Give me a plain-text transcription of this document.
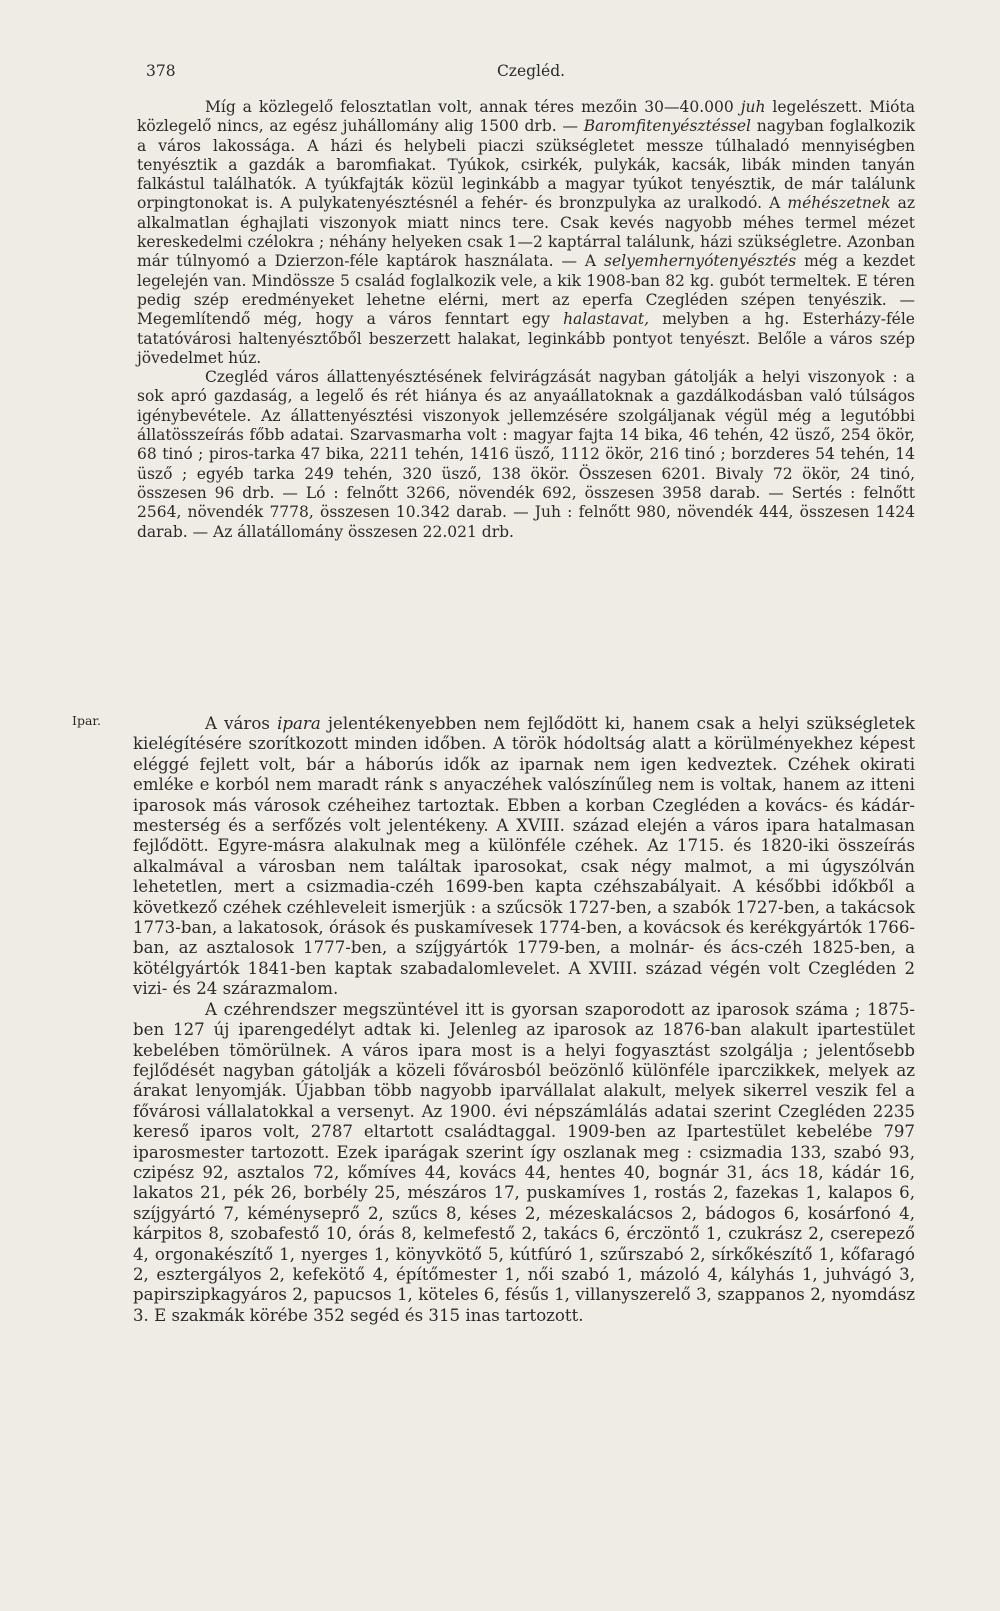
378	Czegléd.
Ipar.

Míg a közlegelő felosztatlan volt, annak téres mezőin 30—40.000 juh legelészett. Mióta közlegelő nincs, az egész juhállomány alig 1500 drb. — Baromfitenyésztéssel nagyban foglalkozik a város lakossága. A házi és helybeli piaczi szükségletet messze túlhaladó mennyiségben tenyésztik a gazdák a baromfiakat. Tyúkok, csirkék, pulykák, kacsák, libák minden tanyán falkástul találhatók. A tyúkfajták közül leginkább a magyar tyúkot tenyésztik, de már találunk orpingtonokat is. A pulykatenyésztésnél a fehér- és bronzpulyka az uralkodó. A méhészetnek az alkalmatlan éghajlati viszonyok miatt nincs tere. Csak kevés nagyobb méhes termel mézet kereskedelmi czélokra ; néhány helyeken csak 1—2 kaptárral találunk, házi szükségletre. Azonban már túlnyomó a Dzierzon-féle kaptárok használata. — A selyemhernyótenyésztés még a kezdet legelején van. Mindössze 5 család foglalkozik vele, a kik 1908-ban 82 kg. gubót termeltek. E téren pedig szép eredményeket lehetne elérni, mert az eperfa Czegléden szépen tenyészik. — Megemlítendő még, hogy a város fenntart egy halastavat, melyben a hg. Esterházy-féle tatatóvárosi haltenyésztőből beszerzett halakat, leginkább pontyot tenyészt. Belőle a város szép jövedelmet húz.

Czegléd város állattenyésztésének felvirágzását nagyban gátolják a helyi viszonyok : a sok apró gazdaság, a legelő és rét hiánya és az anyaállatoknak a gazdálkodásban való túlságos igénybevétele. Az állattenyésztési viszonyok jellemzésére szolgáljanak végül még a legutóbbi állatösszeírás főbb adatai. Szarvasmarha volt : magyar fajta 14 bika, 46 tehén, 42 üsző, 254 ökör, 68 tinó ; piros-tarka 47 bika, 2211 tehén, 1416 üsző, 1112 ökör, 216 tinó ; borzderes 54 tehén, 14 üsző ; egyéb tarka 249 tehén, 320 üsző, 138 ökör. Összesen 6201. Bivaly 72 ökör, 24 tinó, összesen 96 drb. — Ló : felnőtt 3266, növendék 692, összesen 3958 darab. — Sertés : felnőtt 2564, növendék 7778, összesen 10.342 darab. — Juh : felnőtt 980, növendék 444, összesen 1424 darab. — Az állatállomány összesen 22.021 drb.

A város ipara jelentékenyebben nem fejlődött ki, hanem csak a helyi szükségletek kielégítésére szorítkozott minden időben. A török hódoltság alatt a körülményekhez képest eléggé fejlett volt, bár a háborús idők az iparnak nem igen kedveztek. Czéhek okirati emléke e korból nem maradt ránk s anyaczéhek valószínűleg nem is voltak, hanem az itteni iparosok más városok czéheihez tartoztak. Ebben a korban Czegléden a kovács- és kádár-mesterség és a serfőzés volt jelentékeny. A XVIII. század elején a város ipara hatalmasan fejlődött. Egyre-másra alakulnak meg a különféle czéhek. Az 1715. és 1820-iki összeírás alkalmával a városban nem találtak iparosokat, csak négy malmot, a mi úgyszólván lehetetlen, mert a csizmadia-czéh 1699-ben kapta czéhszabályait. A későbbi időkből a következő czéhek czéhleveleit ismerjük : a szűcsök 1727-ben, a szabók 1727-ben, a takácsok 1773-ban, a lakatosok, órások és puskamívesek 1774-ben, a kovácsok és kerékgyártók 1766-ban, az asztalosok 1777-ben, a szíjgyártók 1779-ben, a molnár- és ács-czéh 1825-ben, a kötélgyártók 1841-ben kaptak szabadalomlevelet. A XVIII. század végén volt Czegléden 2 vizi- és 24 szárazmalom.

A czéhrendszer megszüntével itt is gyorsan szaporodott az iparosok száma ; 1875-ben 127 új iparengedélyt adtak ki. Jelenleg az iparosok az 1876-ban alakult ipartestület kebelében tömörülnek. A város ipara most is a helyi fogyasztást szolgálja ; jelentősebb fejlődését nagyban gátolják a közeli fővárosból beözönlő különféle iparczikkek, melyek az árakat lenyomják. Újabban több nagyobb iparvállalat alakult, melyek sikerrel veszik fel a fővárosi vállalatokkal a versenyt. Az 1900. évi népszámlálás adatai szerint Czegléden 2235 kereső iparos volt, 2787 eltartott családtaggal. 1909-ben az Ipartestület kebelébe 797 iparosmester tartozott. Ezek iparágak szerint így oszlanak meg : csizmadia 133, szabó 93, czipész 92, asztalos 72, kőmíves 44, kovács 44, hentes 40, bognár 31, ács 18, kádár 16, lakatos 21, pék 26, borbély 25, mészáros 17, puskamíves 1, rostás 2, fazekas 1, kalapos 6, szíjgyártó 7, kéményseprő 2, szűcs 8, késes 2, mézeskalácsos 2, bádogos 6, kosárfonó 4, kárpitos 8, szobafestő 10, órás 8, kelmefestő 2, takács 6, érczöntő 1, czukrász 2, cserepező 4, orgonakészítő 1, nyerges 1, könyvkötő 5, kútfúró 1, szűrszabó 2, sírkőkészítő 1, kőfaragó 2, esztergályos 2, kefekötő 4, építőmester 1, női szabó 1, mázoló 4, kályhás 1, juhvágó 3, papirszipkagyáros 2, papucsos 1, köteles 6, fésűs 1, villanyszerelő 3, szappanos 2, nyomdász 3. E szakmák körébe 352 segéd és 315 inas tartozott.
